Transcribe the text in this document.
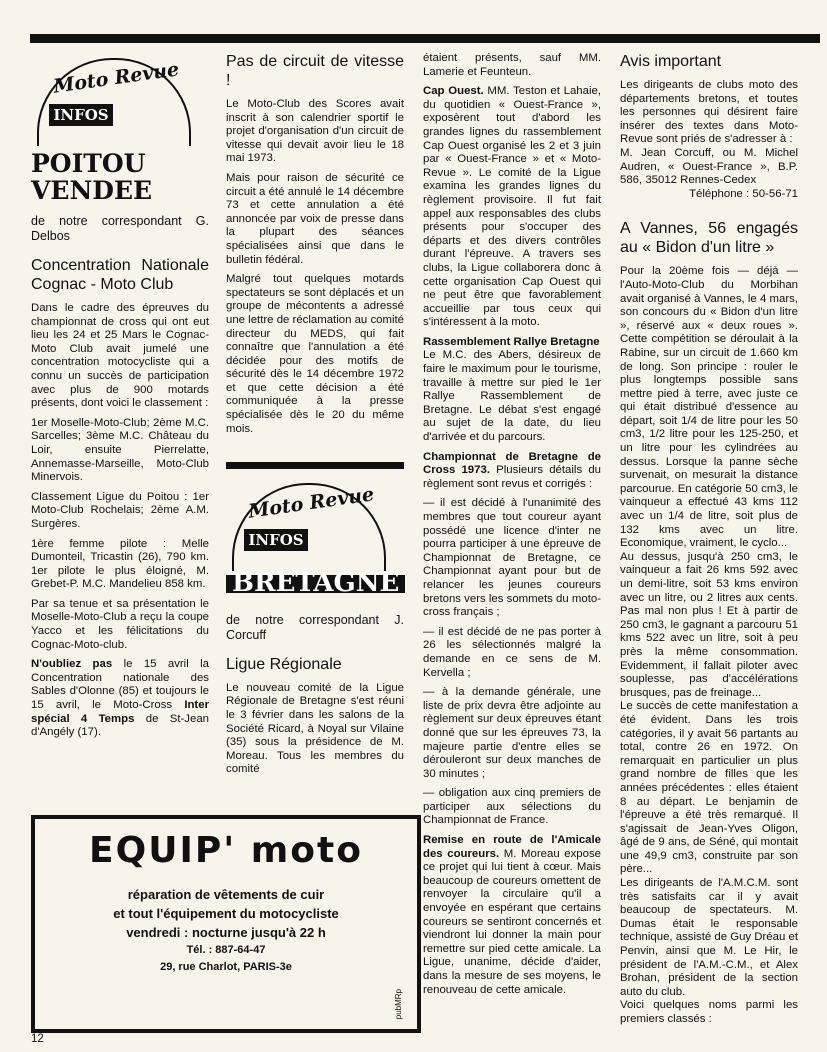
Moto Revue
INFOS
POITOU VENDEE
de notre correspondant G. Delbos
Concentration Nationale Cognac - Moto Club

Dans le cadre des épreuves du championnat de cross qui ont eut lieu les 24 et 25 Mars le Cognac-Moto Club avait jumelé une concentration motocycliste qui a connu un succès de participation avec plus de 900 motards présents, dont voici le classement :

1er Moselle-Moto-Club; 2ème M.C. Sarcelles; 3ème M.C. Château du Loir, ensuite Pierrelatte, Annemasse-Marseille, Moto-Club Minervois.

Classement Ligue du Poitou : 1er Moto-Club Rochelais; 2ème A.M. Surgères.

1ère femme pilote : Melle Dumonteil, Tricastin (26), 790 km. 1er pilote le plus éloigné, M. Grebet-P. M.C. Mandelieu 858 km.

Par sa tenue et sa présentation le Moselle-Moto-Club a reçu la coupe Yacco et les félicitations du Cognac-Moto-club.

N'oubliez pas le 15 avril la Concentration nationale des Sables d'Olonne (85) et toujours le 15 avril, le Moto-Cross Inter spécial 4 Temps de St-Jean d'Angély (17).

Pas de circuit de vitesse !

Le Moto-Club des Scores avait inscrit à son calendrier sportif le projet d'organisation d'un circuit de vitesse qui devait avoir lieu le 18 mai 1973.

Mais pour raison de sécurité ce circuit a été annulé le 14 décembre 73 et cette annulation a été annoncée par voix de presse dans la plupart des séances spécialisées ainsi que dans le bulletin fédéral.

Malgré tout quelques motards spectateurs se sont déplacés et un groupe de mécontents a adressé une lettre de réclamation au comité directeur du MEDS, qui fait connaître que l'annulation a été décidée pour des motifs de sécurité dès le 14 décembre 1972 et que cette décision a été communiquée à la presse spécialisée dès le 20 du même mois.

Moto Revue
INFOS
BRETAGNE
de notre correspondant J. Corcuff
Ligue Régionale

Le nouveau comité de la Ligue Régionale de Bretagne s'est réuni le 3 février dans les salons de la Société Ricard, à Noyal sur Vilaine (35) sous la présidence de M. Moreau. Tous les membres du comité

étaient présents, sauf MM. Lamerie et Feunteun.

Cap Ouest. MM. Teston et Lahaie, du quotidien « Ouest-France », exposèrent tout d'abord les grandes lignes du rassemblement Cap Ouest organisé les 2 et 3 juin par « Ouest-France » et « Moto-Revue ». Le comité de la Ligue examina les grandes lignes du règlement provisoire. Il fut fait appel aux responsables des clubs présents pour s'occuper des départs et des divers contrôles durant l'épreuve. A travers ses clubs, la Ligue collaborera donc à cette organisation Cap Ouest qui ne peut être que favorablement accueillie par tous ceux qui s'intéressent à la moto.

Rassemblement Rallye Bretagne

Le M.C. des Abers, désireux de faire le maximum pour le tourisme, travaille à mettre sur pied le 1er Rallye Rassemblement de Bretagne. Le débat s'est engagé au sujet de la date, du lieu d'arrivée et du parcours.

Championnat de Bretagne de Cross 1973. Plusieurs détails du règlement sont revus et corrigés :

— il est décidé à l'unanimité des membres que tout coureur ayant possédé une licence d'inter ne pourra participer à une épreuve de Championnat de Bretagne, ce Championnat ayant pour but de relancer les jeunes coureurs bretons vers les sommets du moto-cross français ;

— il est décidé de ne pas porter à 26 les sélectionnés malgré la demande en ce sens de M. Kervella ;

— à la demande générale, une liste de prix devra être adjointe au règlement sur deux épreuves étant donné que sur les épreuves 73, la majeure partie d'entre elles se dérouleront sur deux manches de 30 minutes ;

— obligation aux cinq premiers de participer aux sélections du Championnat de France.

Remise en route de l'Amicale des coureurs. M. Moreau expose ce projet qui lui tient à cœur. Mais beaucoup de coureurs omettent de renvoyer la circulaire qu'il a envoyée en espérant que certains coureurs se sentiront concernés et viendront lui donner la main pour remettre sur pied cette amicale. La Ligue, unanime, décide d'aider, dans la mesure de ses moyens, le renouveau de cette amicale.

Avis important

Les dirigeants de clubs moto des départements bretons, et toutes les personnes qui désirent faire insérer des textes dans Moto-Revue sont priés de s'adresser à :

M. Jean Corcuff, ou M. Michel Audren, « Ouest-France », B.P. 586, 35012 Rennes-Cedex

Téléphone : 50-56-71

A Vannes, 56 engagés au « Bidon d'un litre »

Pour la 20ème fois — déjà — l'Auto-Moto-Club du Morbihan avait organisé à Vannes, le 4 mars, son concours du « Bidon d'un litre », réservé aux « deux roues ». Cette compétition se déroulait à la Rabine, sur un circuit de 1.660 km de long. Son principe : rouler le plus longtemps possible sans mettre pied à terre, avec juste ce qui était distribué d'essence au départ, soit 1/4 de litre pour les 50 cm3, 1/2 litre pour les 125-250, et un litre pour les cylindrées au dessus. Lorsque la panne sèche survenait, on mesurait la distance parcourue. En catégorie 50 cm3, le vainqueur a effectué 43 kms 112 avec un 1/4 de litre, soit plus de 132 kms avec un litre. Economique, vraiment, le cyclo...

Au dessus, jusqu'à 250 cm3, le vainqueur a fait 26 kms 592 avec un demi-litre, soit 53 kms environ avec un litre, ou 2 litres aux cents. Pas mal non plus ! Et à partir de 250 cm3, le gagnant a parcouru 51 kms 522 avec un litre, soit à peu près la même consommation. Evidemment, il fallait piloter avec souplesse, pas d'accélérations brusques, pas de freinage...

Le succès de cette manifestation a été évident. Dans les trois catégories, il y avait 56 partants au total, contre 26 en 1972. On remarquait en particulier un plus grand nombre de filles que les années précédentes : elles étaient 8 au départ. Le benjamin de l'épreuve a été très remarqué. Il s'agissait de Jean-Yves Oligon, âgé de 9 ans, de Séné, qui montait une 49,9 cm3, construite par son père...

Les dirigeants de l'A.M.C.M. sont très satisfaits car il y avait beaucoup de spectateurs. M. Dumas était le responsable technique, assisté de Guy Dréau et Penvin, ainsi que M. Le Hir, le président de l'A.M.-C.M., et Alex Brohan, président de la section auto du club.

Voici quelques noms parmi les premiers classés :

EQUIP' moto
réparation de vêtements de cuir
et tout l'équipement du motocycliste
vendredi : nocturne jusqu'à 22 h
Tél. : 887-64-47
29, rue Charlot, PARIS-3e
pubMRp
12
